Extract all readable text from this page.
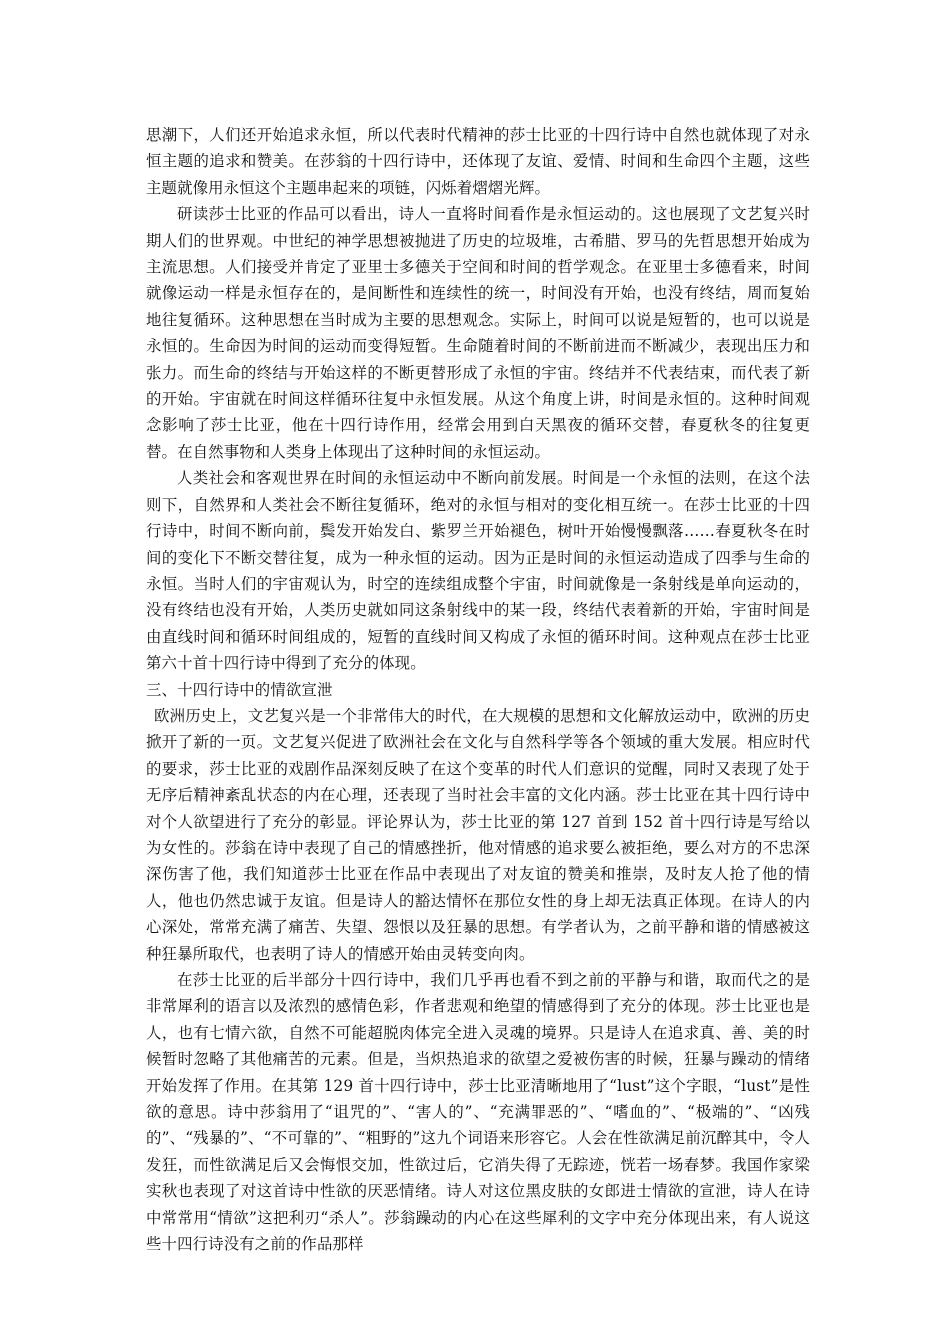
思潮下，人们还开始追求永恒，所以代表时代精神的莎士比亚的十四行诗中自然也就体现了对永恒主题的追求和赞美。在莎翁的十四行诗中，还体现了友谊、爱情、时间和生命四个主题，这些主题就像用永恒这个主题串起来的项链，闪烁着熠熠光辉。

研读莎士比亚的作品可以看出，诗人一直将时间看作是永恒运动的。这也展现了文艺复兴时期人们的世界观。中世纪的神学思想被抛进了历史的垃圾堆，古希腊、罗马的先哲思想开始成为主流思想。人们接受并肯定了亚里士多德关于空间和时间的哲学观念。在亚里士多德看来，时间就像运动一样是永恒存在的，是间断性和连续性的统一，时间没有开始，也没有终结，周而复始地往复循环。这种思想在当时成为主要的思想观念。实际上，时间可以说是短暂的，也可以说是永恒的。生命因为时间的运动而变得短暂。生命随着时间的不断前进而不断减少，表现出压力和张力。而生命的终结与开始这样的不断更替形成了永恒的宇宙。终结并不代表结束，而代表了新的开始。宇宙就在时间这样循环往复中永恒发展。从这个角度上讲，时间是永恒的。这种时间观念影响了莎士比亚，他在十四行诗作用，经常会用到白天黑夜的循环交替，春夏秋冬的往复更替。在自然事物和人类身上体现出了这种时间的永恒运动。

人类社会和客观世界在时间的永恒运动中不断向前发展。时间是一个永恒的法则，在这个法则下，自然界和人类社会不断往复循环，绝对的永恒与相对的变化相互统一。在莎士比亚的十四行诗中，时间不断向前，鬓发开始发白、紫罗兰开始褪色，树叶开始慢慢飘落……春夏秋冬在时间的变化下不断交替往复，成为一种永恒的运动。因为正是时间的永恒运动造成了四季与生命的永恒。当时人们的宇宙观认为，时空的连续组成整个宇宙，时间就像是一条射线是单向运动的，没有终结也没有开始，人类历史就如同这条射线中的某一段，终结代表着新的开始，宇宙时间是由直线时间和循环时间组成的，短暂的直线时间又构成了永恒的循环时间。这种观点在莎士比亚第六十首十四行诗中得到了充分的体现。

三、十四行诗中的情欲宣泄

欧洲历史上，文艺复兴是一个非常伟大的时代，在大规模的思想和文化解放运动中，欧洲的历史掀开了新的一页。文艺复兴促进了欧洲社会在文化与自然科学等各个领域的重大发展。相应时代的要求，莎士比亚的戏剧作品深刻反映了在这个变革的时代人们意识的觉醒，同时又表现了处于无序后精神紊乱状态的内在心理，还表现了当时社会丰富的文化内涵。莎士比亚在其十四行诗中对个人欲望进行了充分的彰显。评论界认为，莎士比亚的第 127 首到 152 首十四行诗是写给以为女性的。莎翁在诗中表现了自己的情感挫折，他对情感的追求要么被拒绝，要么对方的不忠深深伤害了他，我们知道莎士比亚在作品中表现出了对友谊的赞美和推崇，及时友人抢了他的情人，他也仍然忠诚于友谊。但是诗人的豁达情怀在那位女性的身上却无法真正体现。在诗人的内心深处，常常充满了痛苦、失望、怨恨以及狂暴的思想。有学者认为，之前平静和谐的情感被这种狂暴所取代，也表明了诗人的情感开始由灵转变向肉。

在莎士比亚的后半部分十四行诗中，我们几乎再也看不到之前的平静与和谐，取而代之的是非常犀利的语言以及浓烈的感情色彩，作者悲观和绝望的情感得到了充分的体现。莎士比亚也是人，也有七情六欲，自然不可能超脱肉体完全进入灵魂的境界。只是诗人在追求真、善、美的时候暂时忽略了其他痛苦的元素。但是，当炽热追求的欲望之爱被伤害的时候，狂暴与躁动的情绪开始发挥了作用。在其第 129 首十四行诗中，莎士比亚清晰地用了“lust”这个字眼，“lust”是性欲的意思。诗中莎翁用了“诅咒的”、“害人的”、“充满罪恶的”、“嗜血的”、“极端的”、“凶残的”、“残暴的”、“不可靠的”、“粗野的”这九个词语来形容它。人会在性欲满足前沉醉其中，令人发狂，而性欲满足后又会悔恨交加，性欲过后，它消失得了无踪迹，恍若一场春梦。我国作家梁实秋也表现了对这首诗中性欲的厌恶情绪。诗人对这位黑皮肤的女郎进士情欲的宣泄，诗人在诗中常常用“情欲”这把利刃“杀人”。莎翁躁动的内心在这些犀利的文字中充分体现出来，有人说这些十四行诗没有之前的作品那样
